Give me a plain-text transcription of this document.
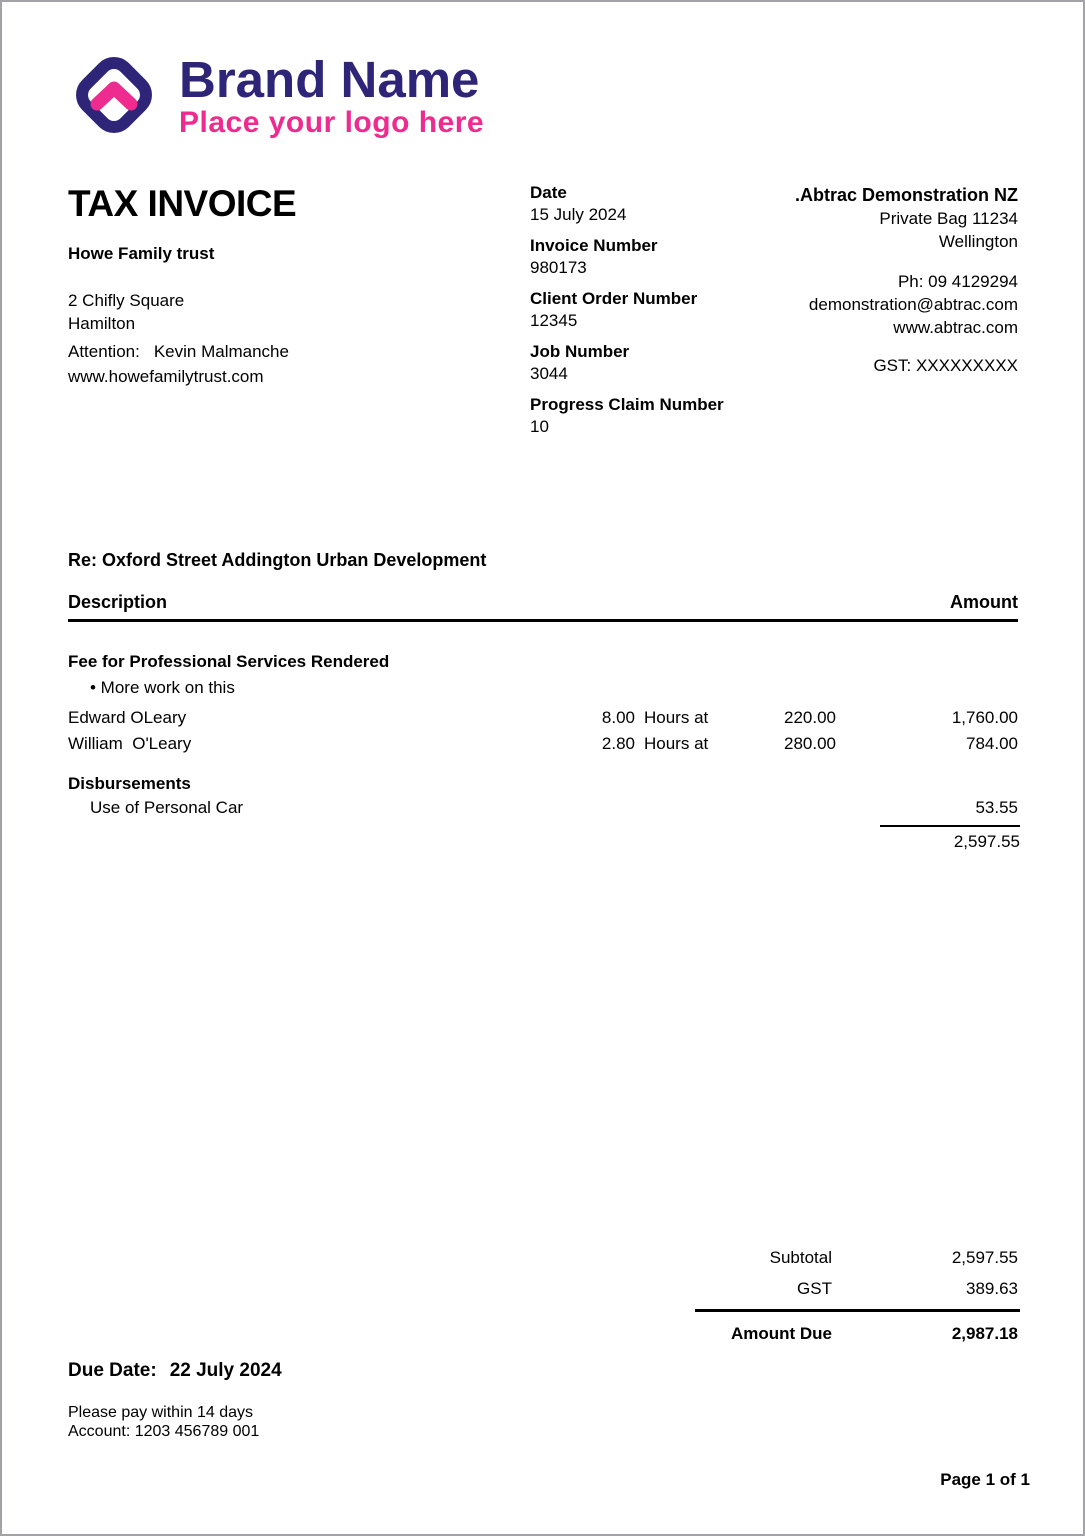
Brand Name
Place your logo here
TAX INVOICE
Howe Family trust
2 Chifly Square
Hamilton
Attention: Kevin Malmanche
www.howefamilytrust.com
Date
15 July 2024
Invoice Number
980173
Client Order Number
12345
Job Number
3044
Progress Claim Number
10
.Abtrac Demonstration NZ
Private Bag 11234
Wellington
Ph: 09 4129294
demonstration@abtrac.com
www.abtrac.com
GST: XXXXXXXXX
Re: Oxford Street Addington Urban Development
Description	Amount
Fee for Professional Services Rendered
• More work on this
Edward OLeary	8.00 Hours at	220.00	1,760.00
William  O'Leary	2.80 Hours at	280.00	784.00
Disbursements
Use of Personal Car	53.55
2,597.55
Subtotal	2,597.55
GST	389.63
Amount Due	2,987.18
Due Date: 22 July 2024
Please pay within 14 days
Account: 1203 456789 001
Page 1 of 1
